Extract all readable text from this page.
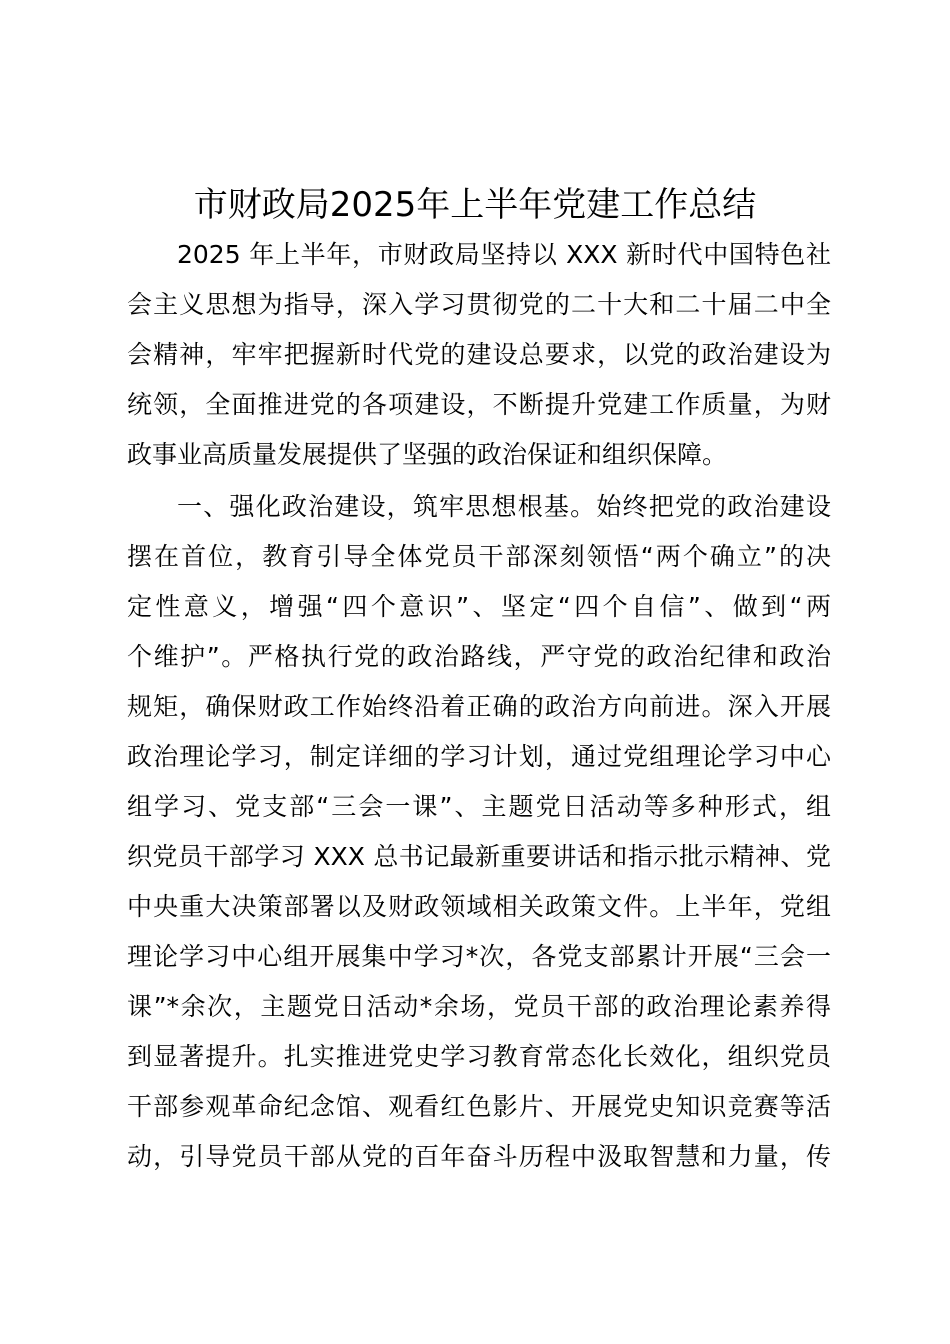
市财政局2025年上半年党建工作总结
2025 年上半年，市财政局坚持以 XXX 新时代中国特色社
会主义思想为指导，深入学习贯彻党的二十大和二十届二中全
会精神，牢牢把握新时代党的建设总要求，以党的政治建设为
统领，全面推进党的各项建设，不断提升党建工作质量，为财
政事业高质量发展提供了坚强的政治保证和组织保障。
一、强化政治建设，筑牢思想根基。始终把党的政治建设
摆在首位，教育引导全体党员干部深刻领悟“两个确立”的决
定性意义，增强“四个意识”、坚定“四个自信”、做到“两
个维护”。严格执行党的政治路线，严守党的政治纪律和政治
规矩，确保财政工作始终沿着正确的政治方向前进。深入开展
政治理论学习，制定详细的学习计划，通过党组理论学习中心
组学习、党支部“三会一课”、主题党日活动等多种形式，组
织党员干部学习 XXX 总书记最新重要讲话和指示批示精神、党
中央重大决策部署以及财政领域相关政策文件。上半年，党组
理论学习中心组开展集中学习*次，各党支部累计开展“三会一
课”*余次，主题党日活动*余场，党员干部的政治理论素养得
到显著提升。扎实推进党史学习教育常态化长效化，组织党员
干部参观革命纪念馆、观看红色影片、开展党史知识竞赛等活
动，引导党员干部从党的百年奋斗历程中汲取智慧和力量，传
